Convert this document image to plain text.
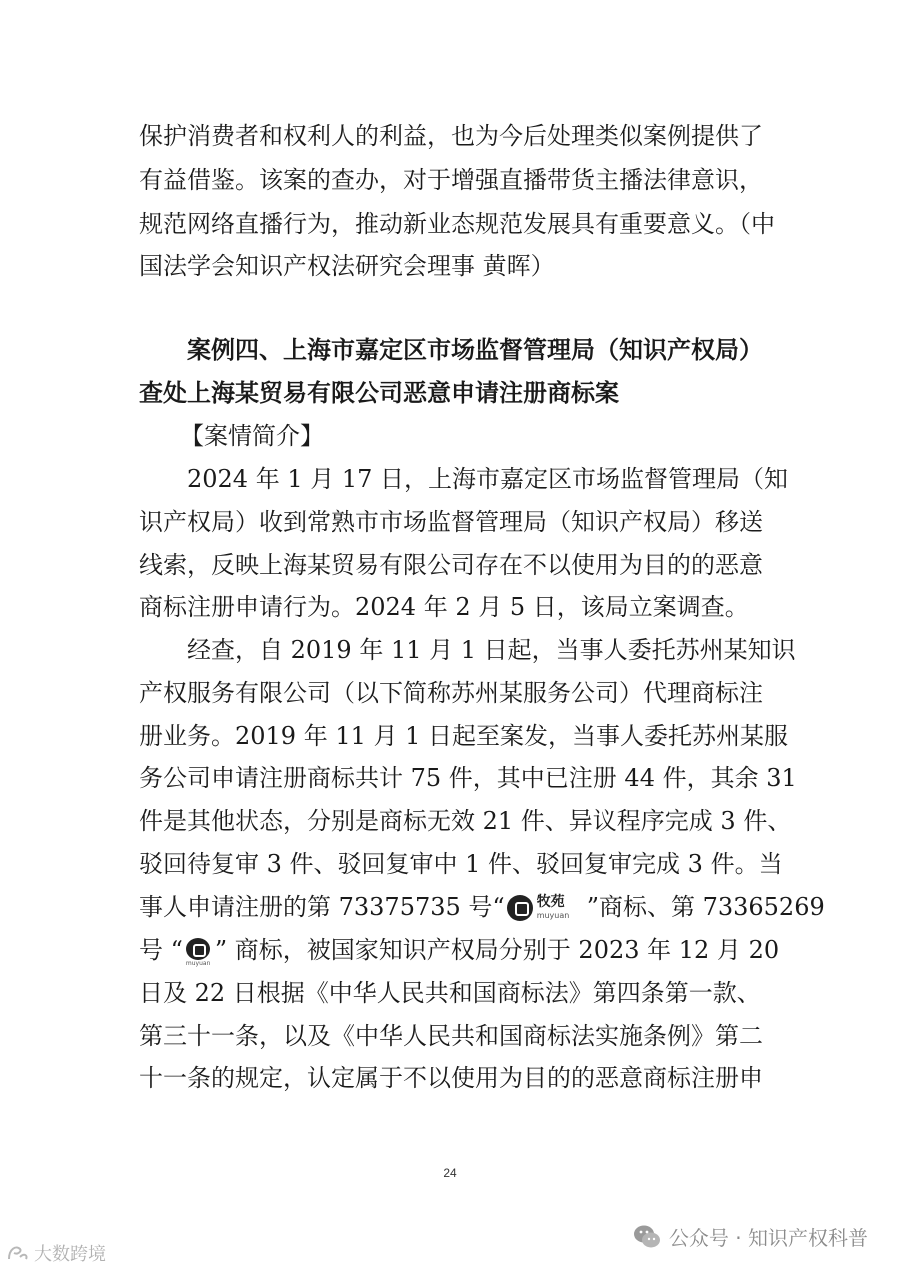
保护消费者和权利人的利益，也为今后处理类似案例提供了
有益借鉴。该案的查办，对于增强直播带货主播法律意识，
规范网络直播行为，推动新业态规范发展具有重要意义。（中
国法学会知识产权法研究会理事 黄晖）
案例四、上海市嘉定区市场监督管理局（知识产权局）
查处上海某贸易有限公司恶意申请注册商标案
【案情简介】
2024 年 1 月 17 日，上海市嘉定区市场监督管理局（知
识产权局）收到常熟市市场监督管理局（知识产权局）移送
线索，反映上海某贸易有限公司存在不以使用为目的的恶意
商标注册申请行为。2024 年 2 月 5 日，该局立案调查。
经查，自 2019 年 11 月 1 日起，当事人委托苏州某知识
产权服务有限公司（以下简称苏州某服务公司）代理商标注
册业务。2019 年 11 月 1 日起至案发，当事人委托苏州某服
务公司申请注册商标共计 75 件，其中已注册 44 件，其余 31
件是其他状态，分别是商标无效 21 件、异议程序完成 3 件、
驳回待复审 3 件、驳回复审中 1 件、驳回复审完成 3 件。当
事人申请注册的第 73375735 号“ 牧苑
muyuan ”商标、第 73365269
号 “ muyuan ” 商标，被国家知识产权局分别于 2023 年 12 月 20
日及 22 日根据《中华人民共和国商标法》第四条第一款、
第三十一条，以及《中华人民共和国商标法实施条例》第二
十一条的规定，认定属于不以使用为目的的恶意商标注册申
24
公众号 · 知识产权科普
大数跨境
